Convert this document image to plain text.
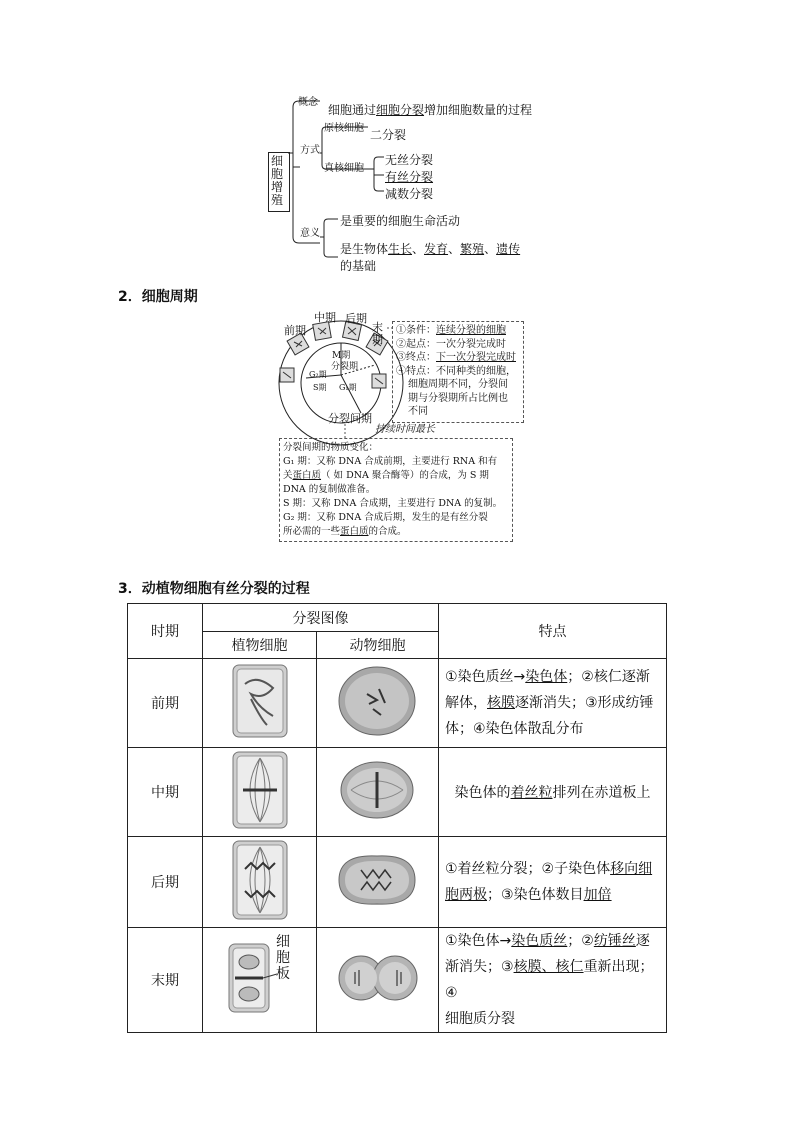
细胞增殖
概念
细胞通过细胞分裂增加细胞数量的过程
方式
原核细胞 二分裂
真核细胞
无丝分裂
有丝分裂
减数分裂
意义
是重要的细胞生命活动
是生物体生长、发育、繁殖、遗传
的基础
2．细胞周期
前期
中期 后期
末期
M期
分裂期
G₂期
S期 G₁期
分裂间期
持续时间最长
①条件：连续分裂的细胞
②起点：一次分裂完成时
③终点：下一次分裂完成时
④特点：不同种类的细胞，
细胞周期不同，分裂间
期与分裂期所占比例也
不同
分裂间期的物质变化：
G₁ 期：又称 DNA 合成前期，主要进行 RNA 和有
关蛋白质（ 如 DNA 聚合酶等）的合成，为 S 期
DNA 的复制做准备。
S 期：又称 DNA 合成期，主要进行 DNA 的复制。
G₂ 期：又称 DNA 合成后期，发生的是有丝分裂
所必需的一些蛋白质的合成。
3．动植物细胞有丝分裂的过程
时期	分裂图像		特点
	植物细胞	动物细胞	
前期			①染色质丝→染色体；②核仁逐渐
解体，核膜逐渐消失；③形成纺锤
体；④染色体散乱分布

中期			染色体的着丝粒排列在赤道板上
后期			①着丝粒分裂；②子染色体移向细
胞两极；③染色体数目加倍

末期	细胞板		①染色体→染色质丝；②纺锤丝逐
渐消失；③核膜、核仁重新出现；④
细胞质分裂
